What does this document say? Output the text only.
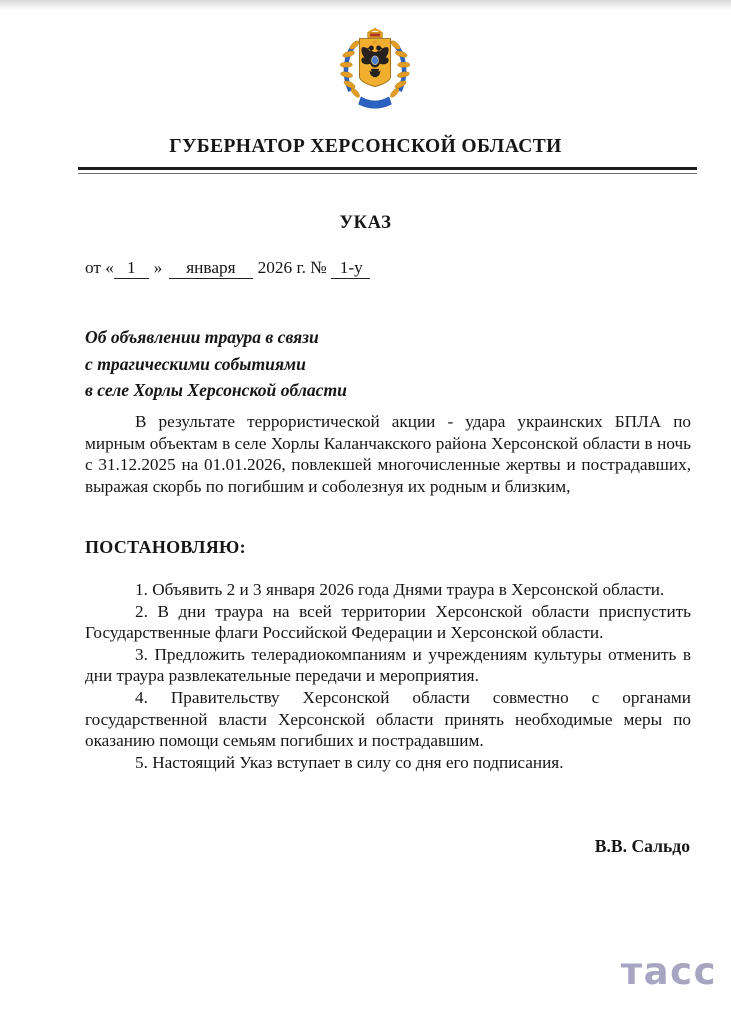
ГУБЕРНАТОР ХЕРСОНСКОЙ ОБЛАСТИ
УКАЗ
от « 1 » января 2026 г. № 1-у
Об объявлении траура в связи
с трагическими событиями
в селе Хорлы Херсонской области

В результате террористической акции - удара украинских БПЛА по мирным объектам в селе Хорлы Каланчакского района Херсонской области в ночь с 31.12.2025 на 01.01.2026, повлекшей многочисленные жертвы и пострадавших, выражая скорбь по погибшим и соболезнуя их родным и близким,

ПОСТАНОВЛЯЮ:

1. Объявить 2 и 3 января 2026 года Днями траура в Херсонской области.

2. В дни траура на всей территории Херсонской области приспустить Государственные флаги Российской Федерации и Херсонской области.

3. Предложить телерадиокомпаниям и учреждениям культуры отменить в дни траура развлекательные передачи и мероприятия.

4. Правительству Херсонской области совместно с органами государственной власти Херсонской области принять необходимые меры по оказанию помощи семьям погибших и пострадавшим.

5. Настоящий Указ вступает в силу со дня его подписания.

В.В. Сальдо
тасс
